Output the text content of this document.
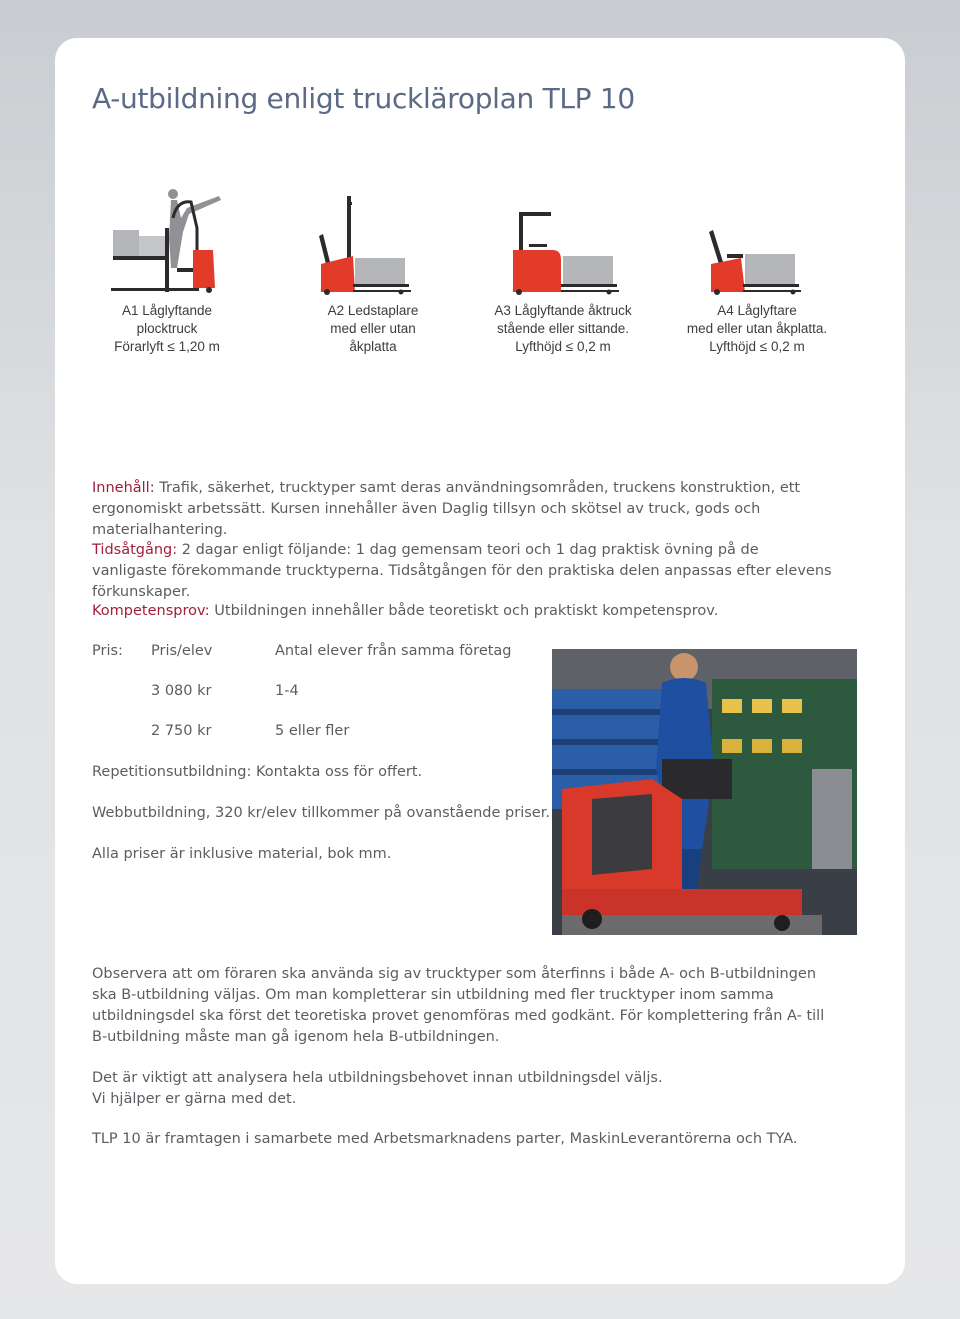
A-utbildning enligt truckläroplan TLP 10
A1 Låglyftande
plocktruck
Förarlyft ≤ 1,20 m
A2 Ledstaplare
med eller utan
åkplatta
A3 Låglyftande åktruck
stående eller sittande.
Lyfthöjd ≤ 0,2 m
A4 Låglyftare
med eller utan åkplatta.
Lyfthöjd ≤ 0,2 m

Innehåll: Trafik, säkerhet, trucktyper samt deras användningsområden, truckens konstruktion, ett ergonomiskt arbetssätt. Kursen innehåller även Daglig tillsyn och skötsel av truck, gods och materialhantering.

Tidsåtgång: 2 dagar enligt följande: 1 dag gemensam teori och 1 dag praktisk övning på de vanligaste förekommande trucktyperna. Tidsåtgången för den praktiska delen anpassas efter elevens förkunskaper.

Kompetensprov: Utbildningen innehåller både teoretiskt och praktiskt kompetensprov.

Pris: Pris/elev	Antal elever från samma företag
3 080 kr	1-4
2 750 kr	5 eller fler
Repetitionsutbildning: Kontakta oss för offert.
Webbutbildning, 320 kr/elev tillkommer på ovanstående priser.
Alla priser är inklusive material, bok mm.

Observera att om föraren ska använda sig av trucktyper som återfinns i både A- och B-utbildningen ska B-utbildning väljas. Om man kompletterar sin utbildning med fler trucktyper inom samma utbildningsdel ska först det teoretiska provet genomföras med godkänt. För komplettering från A- till B-utbildning måste man gå igenom hela B-utbildningen.

Det är viktigt att analysera hela utbildningsbehovet innan utbildningsdel väljs.
Vi hjälper er gärna med det.

TLP 10 är framtagen i samarbete med Arbetsmarknadens parter, MaskinLeverantörerna och TYA.
